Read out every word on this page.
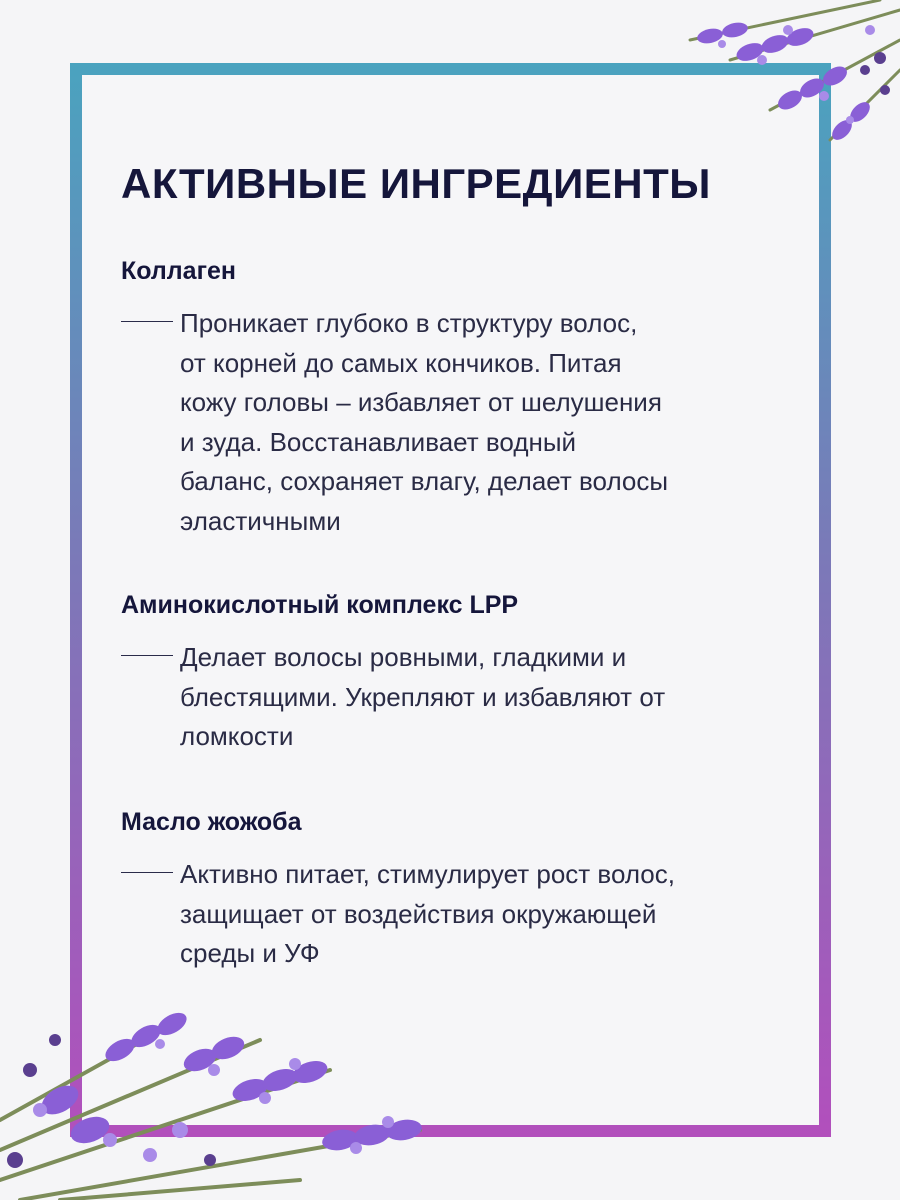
АКТИВНЫЕ ИНГРЕДИЕНТЫ
Коллаген

Проникает глубоко в структуру волос,
от корней до самых кончиков. Питая
кожу головы – избавляет от шелушения
и зуда. Восстанавливает водный
баланс, сохраняет влагу, делает волосы
эластичными

Аминокислотный комплекс LPP

Делает волосы ровными, гладкими и
блестящими. Укрепляют и избавляют от
ломкости

Масло жожоба

Активно питает, стимулирует рост волос,
защищает от воздействия окружающей
среды и УФ
